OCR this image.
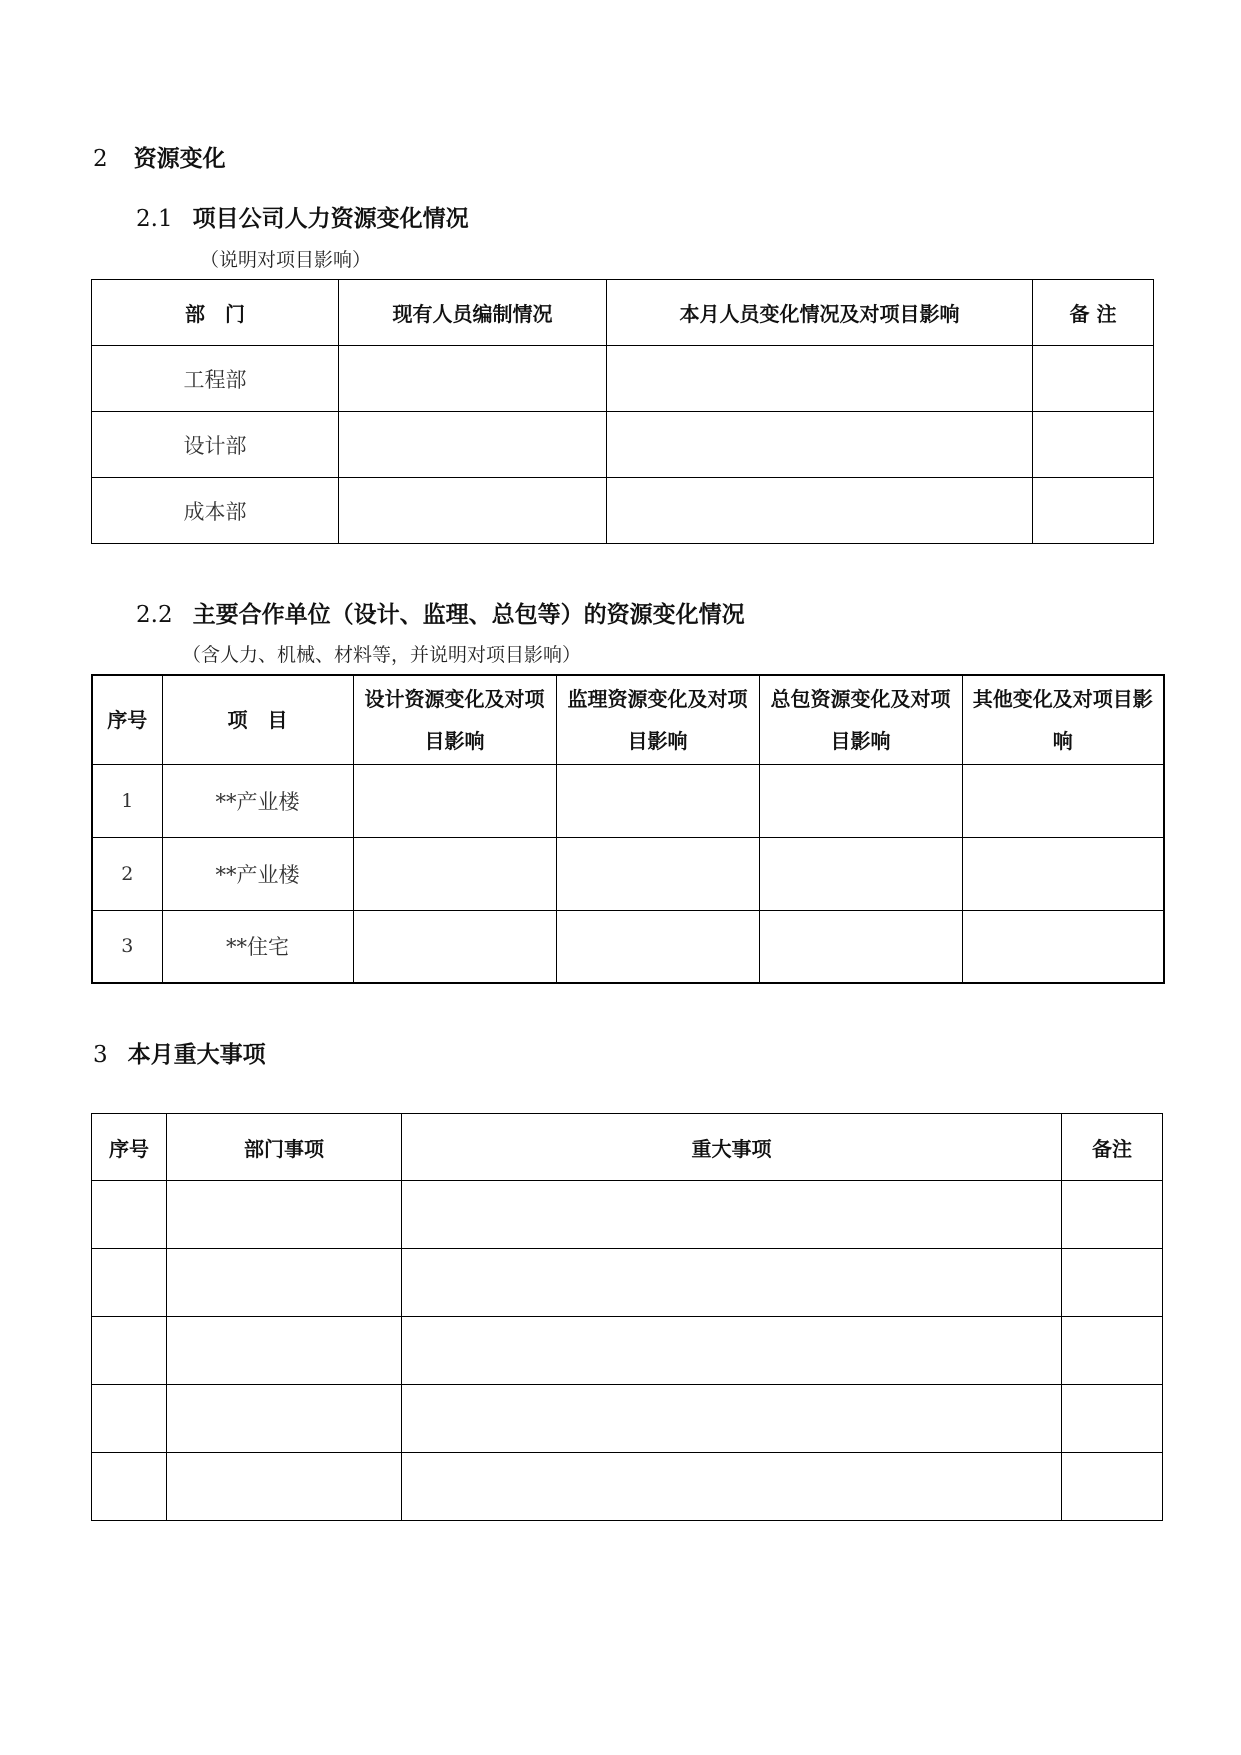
2 资源变化
2.1 项目公司人力资源变化情况
（说明对项目影响）
部　门	现有人员编制情况	本月人员变化情况及对项目影响	备 注
工程部			
设计部			
成本部			
2.2 主要合作单位（设计、监理、总包等）的资源变化情况
（含人力、机械、材料等，并说明对项目影响）
序号	项　目	设计资源变化及对项目影响	监理资源变化及对项目影响	总包资源变化及对项目影响	其他变化及对项目影响
1	**产业楼				
2	**产业楼				
3	**住宅				
3 本月重大事项
序号	部门事项	重大事项	备注
